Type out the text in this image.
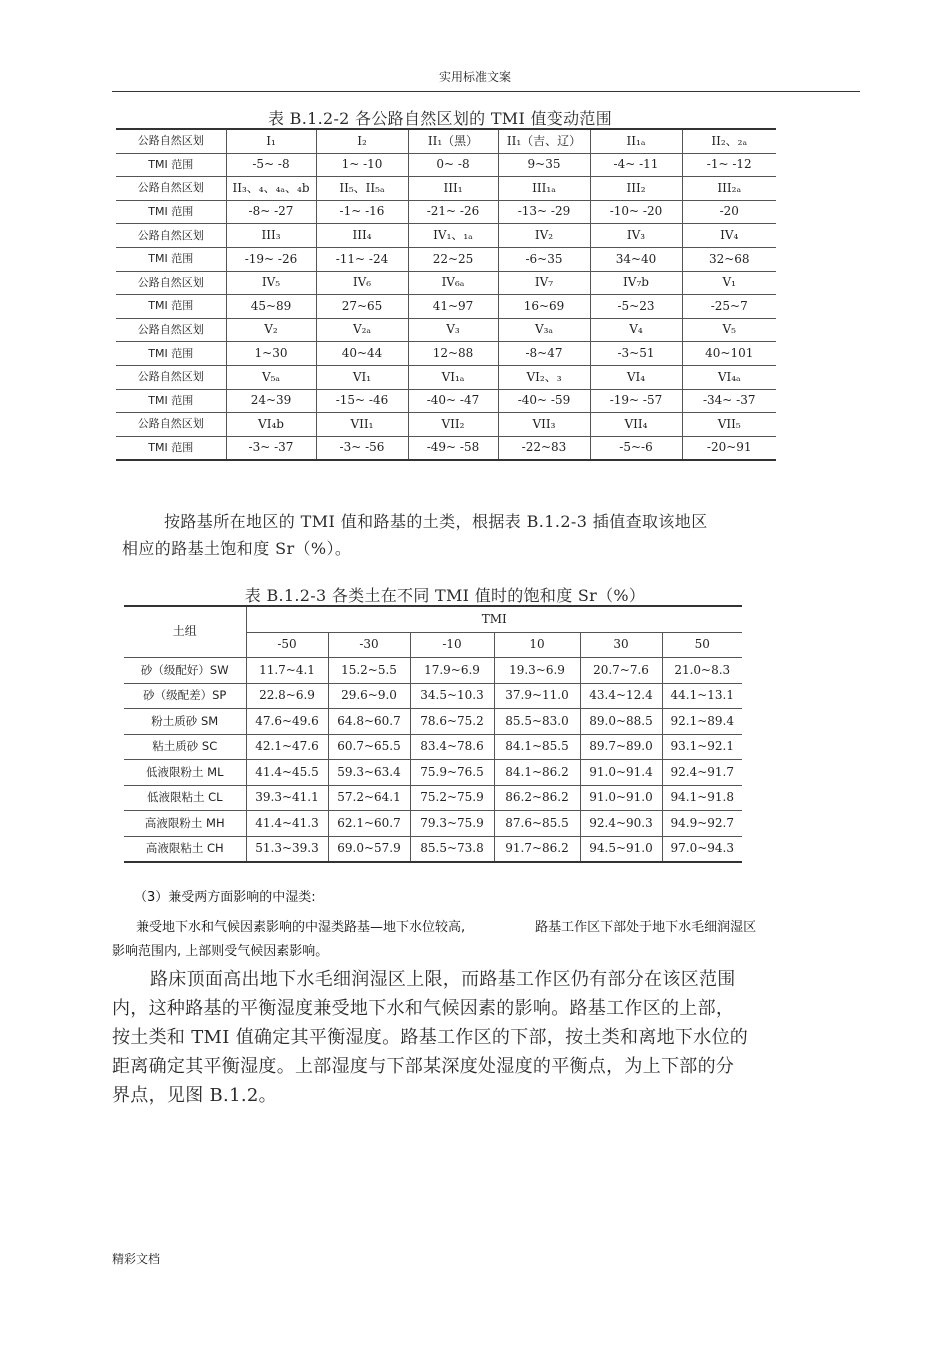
实用标准文案
表 B.1.2-2 各公路自然区划的 TMI 值变动范围
公路自然区划	I₁	I₂	II₁（黑）	II₁（吉、辽）	II₁ₐ	II₂、₂ₐ
TMI 范围	-5~ -8	1~ -10	0~ -8	9~35	-4~ -11	-1~ -12
公路自然区划	II₃、₄、₄ₐ、₄b	II₅、II₅ₐ	III₁	III₁ₐ	III₂	III₂ₐ
TMI 范围	-8~ -27	-1~ -16	-21~ -26	-13~ -29	-10~ -20	-20
公路自然区划	III₃	III₄	IV₁、₁ₐ	IV₂	IV₃	IV₄
TMI 范围	-19~ -26	-11~ -24	22~25	-6~35	34~40	32~68
公路自然区划	IV₅	IV₆	IV₆ₐ	IV₇	IV₇b	V₁
TMI 范围	45~89	27~65	41~97	16~69	-5~23	-25~7
公路自然区划	V₂	V₂ₐ	V₃	V₃ₐ	V₄	V₅
TMI 范围	1~30	40~44	12~88	-8~47	-3~51	40~101
公路自然区划	V₅ₐ	VI₁	VI₁ₐ	VI₂、₃	VI₄	VI₄ₐ
TMI 范围	24~39	-15~ -46	-40~ -47	-40~ -59	-19~ -57	-34~ -37
公路自然区划	VI₄b	VII₁	VII₂	VII₃	VII₄	VII₅
TMI 范围	-3~ -37	-3~ -56	-49~ -58	-22~83	-5~-6	-20~91
按路基所在地区的 TMI 值和路基的土类，根据表 B.1.2-3 插值查取该地区
相应的路基土饱和度 Sr（%）。
表 B.1.2-3 各类土在不同 TMI 值时的饱和度 Sr（%）
土组	TMI					
	-50	-30	-10	10	30	50
砂（级配好）SW	11.7~4.1	15.2~5.5	17.9~6.9	19.3~6.9	20.7~7.6	21.0~8.3
砂（级配差）SP	22.8~6.9	29.6~9.0	34.5~10.3	37.9~11.0	43.4~12.4	44.1~13.1
粉土质砂 SM	47.6~49.6	64.8~60.7	78.6~75.2	85.5~83.0	89.0~88.5	92.1~89.4
粘土质砂 SC	42.1~47.6	60.7~65.5	83.4~78.6	84.1~85.5	89.7~89.0	93.1~92.1
低液限粉土 ML	41.4~45.5	59.3~63.4	75.9~76.5	84.1~86.2	91.0~91.4	92.4~91.7
低液限粘土 CL	39.3~41.1	57.2~64.1	75.2~75.9	86.2~86.2	91.0~91.0	94.1~91.8
高液限粉土 MH	41.4~41.3	62.1~60.7	79.3~75.9	87.6~85.5	92.4~90.3	94.9~92.7
高液限粘土 CH	51.3~39.3	69.0~57.9	85.5~73.8	91.7~86.2	94.5~91.0	97.0~94.3
（3）兼受两方面影响的中湿类:
兼受地下水和气候因素影响的中湿类路基—地下水位较高,	路基工作区下部处于地下水毛细润湿区
影响范围内, 上部则受气候因素影响。
路床顶面高出地下水毛细润湿区上限，而路基工作区仍有部分在该区范围
内，这种路基的平衡湿度兼受地下水和气候因素的影响。路基工作区的上部，
按土类和 TMI 值确定其平衡湿度。路基工作区的下部，按土类和离地下水位的
距离确定其平衡湿度。上部湿度与下部某深度处湿度的平衡点，为上下部的分
界点，见图 B.1.2。
精彩文档
